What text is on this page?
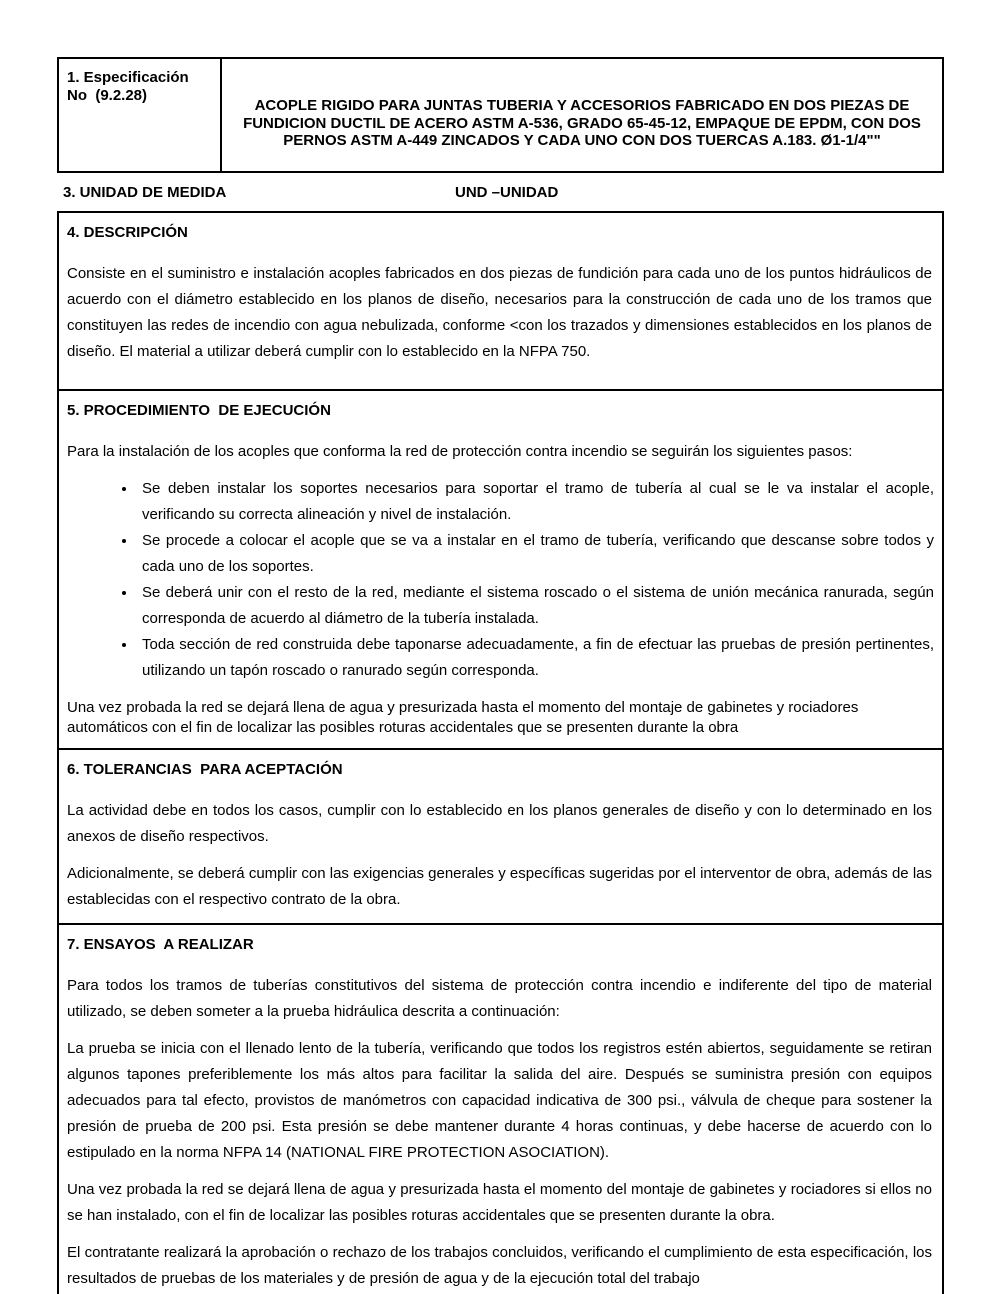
1. Especificación
No  (9.2.28)
ACOPLE RIGIDO PARA JUNTAS TUBERIA Y ACCESORIOS FABRICADO EN DOS PIEZAS DE FUNDICION DUCTIL DE ACERO ASTM A-536, GRADO 65-45-12, EMPAQUE DE EPDM, CON DOS PERNOS ASTM A-449 ZINCADOS Y CADA UNO CON DOS TUERCAS A.183. Ø1-1/4""
3. UNIDAD DE MEDIDA	UND –UNIDAD
4. DESCRIPCIÓN

Consiste en el suministro e instalación acoples fabricados en dos piezas de fundición para cada uno de los puntos hidráulicos de acuerdo con el diámetro establecido en los planos de diseño, necesarios para la construcción de cada uno de los tramos que constituyen las redes de incendio con agua nebulizada, conforme <con los trazados y dimensiones establecidos en los planos de diseño. El material a utilizar deberá cumplir con lo establecido en la NFPA 750.

5. PROCEDIMIENTO  DE EJECUCIÓN

Para la instalación de los acoples que conforma la red de protección contra incendio se seguirán los siguientes pasos:

• Se deben instalar los soportes necesarios para soportar el tramo de tubería al cual se le va instalar el acople, verificando su correcta alineación y nivel de instalación.
• Se procede a colocar el acople que se va a instalar en el tramo de tubería, verificando que descanse sobre todos y cada uno de los soportes.
• Se deberá unir con el resto de la red, mediante el sistema roscado o el sistema de unión mecánica ranurada, según corresponda de acuerdo al diámetro de la tubería instalada.
• Toda sección de red construida debe taponarse adecuadamente, a fin de efectuar las pruebas de presión pertinentes, utilizando un tapón roscado o ranurado según corresponda.

Una vez probada la red se dejará llena de agua y presurizada hasta el momento del montaje de gabinetes y rociadores automáticos con el fin de localizar las posibles roturas accidentales que se presenten durante la obra

6. TOLERANCIAS  PARA ACEPTACIÓN

La actividad debe en todos los casos, cumplir con lo establecido en los planos generales de diseño y con lo determinado en los anexos de diseño respectivos.

Adicionalmente, se deberá cumplir con las exigencias generales y específicas sugeridas por el interventor de obra, además de las establecidas con el respectivo contrato de la obra.

7. ENSAYOS  A REALIZAR

Para todos los tramos de tuberías constitutivos del sistema de protección contra incendio e indiferente del tipo de material utilizado, se deben someter a la prueba hidráulica descrita a continuación:

La prueba se inicia con el llenado lento de la tubería, verificando que todos los registros estén abiertos, seguidamente se retiran algunos tapones preferiblemente los más altos para facilitar la salida del aire. Después se suministra presión con equipos adecuados para tal efecto, provistos de manómetros con capacidad indicativa de 300 psi., válvula de cheque para sostener la presión de prueba de 200 psi. Esta presión se debe mantener durante 4 horas continuas, y debe hacerse de acuerdo con lo estipulado en la norma NFPA 14 (NATIONAL FIRE PROTECTION ASOCIATION).

Una vez probada la red se dejará llena de agua y presurizada hasta el momento del montaje de gabinetes y rociadores si ellos no se han instalado, con el fin de localizar las posibles roturas accidentales que se presenten durante la obra.

El contratante realizará la aprobación o rechazo de los trabajos concluidos, verificando el cumplimiento de esta especificación, los resultados de pruebas de los materiales y de presión de agua y de la ejecución total del trabajo
